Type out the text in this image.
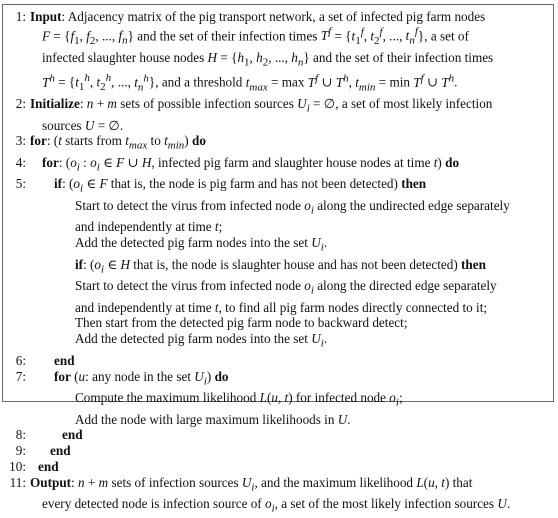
1: Input: Adjacency matrix of the pig transport network, a set of infected pig farm nodes
$F = \{f_1$, $f_2$, ..., $f_n$} and the set of their infection times $T^f = \{t_1^f$, $t_2^f$, ..., $t_n^f$}, a set of
infected slaughter house nodes $H = \{h_1$, $h_2$, ..., $h_n$} and the set of their infection times
$T^h = \{t_1^h$, $t_2^h$, ..., $t_n^h$}, and a threshold $t_{max} = \max T^f$ ∪ $T^h$, $t_{min} = \min T^f$ ∪ $T^h$.
2: Initialize: n + m sets of possible infection sources $U_i$ = ∅, a set of most likely infection
sources U = ∅.
3: for: (t starts from $t_{max}$ to $t_{min}$) do
4:	for: ($o_i$ : $o_i$ ∈ F ∪ H, infected pig farm and slaughter house nodes at time t) do
5:	if: ($o_i$ ∈ F that is, the node is pig farm and has not been detected) then
Start to detect the virus from infected node $o_i$ along the undirected edge separately
and independently at time t;
Add the detected pig farm nodes into the set $U_i$.
if: ($o_i$ ∈ H that is, the node is slaughter house and has not been detected) then
Start to detect the virus from infected node $o_i$ along the directed edge separately
and independently at time t, to find all pig farm nodes directly connected to it;
Then start from the detected pig farm node to backward detect;
Add the detected pig farm nodes into the set $U_i$.
6:	end
7:	for (u: any node in the set $U_i$) do
Compute the maximum likelihood L(u, t) for infected node $o_i$;
Add the node with large maximum likelihoods in U.
8:	end
9:	end
10: end
11: Output: n + m sets of infection sources $U_i$, and the maximum likelihood L(u, t) that
every detected node is infection source of $o_i$, a set of the most likely infection sources U.
